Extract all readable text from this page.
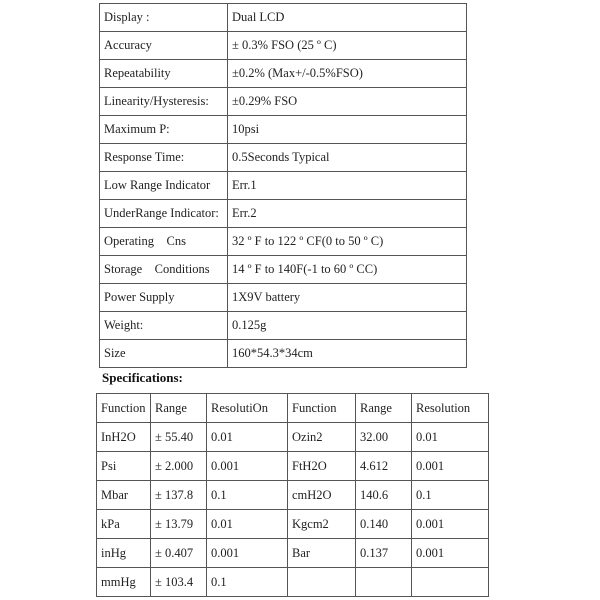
Display :	Dual LCD
Accuracy	± 0.3% FSO (25 º C)
Repeatability	±0.2% (Max+/-0.5%FSO)
Linearity/Hysteresis:	±0.29% FSO
Maximum P:	10psi
Response Time:	0.5Seconds Typical
Low Range Indicator	Err.1
UnderRange Indicator:	Err.2
Operating    Cns	32 º F to 122 º CF(0 to 50 º C)
Storage    Conditions	14 º F to 140F(-1 to 60 º CC)
Power Supply	1X9V battery
Weight:	0.125g
Size	160*54.3*34cm
Specifications:
Function	Range	ResolutiOn	Function	Range	Resolution
InH2O	± 55.40	0.01	Ozin2	32.00	0.01
Psi	± 2.000	0.001	FtH2O	4.612	0.001
Mbar	± 137.8	0.1	cmH2O	140.6	0.1
kPa	± 13.79	0.01	Kgcm2	0.140	0.001
inHg	± 0.407	0.001	Bar	0.137	0.001
mmHg	± 103.4	0.1			
